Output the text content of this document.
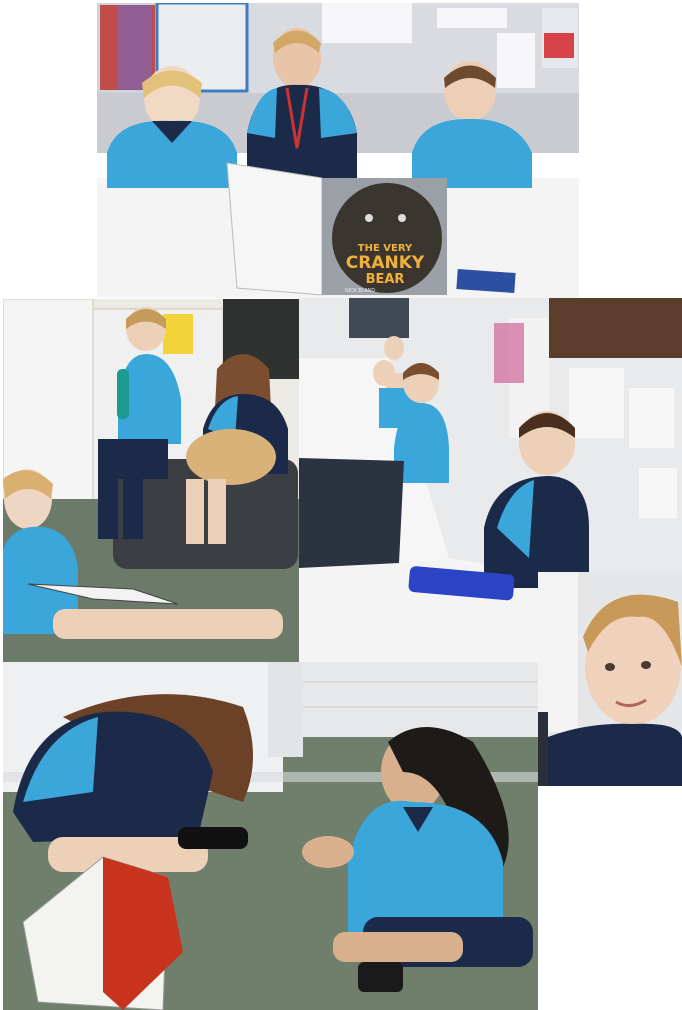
THE VERY
CRANKY
BEAR
NICK BLAND
